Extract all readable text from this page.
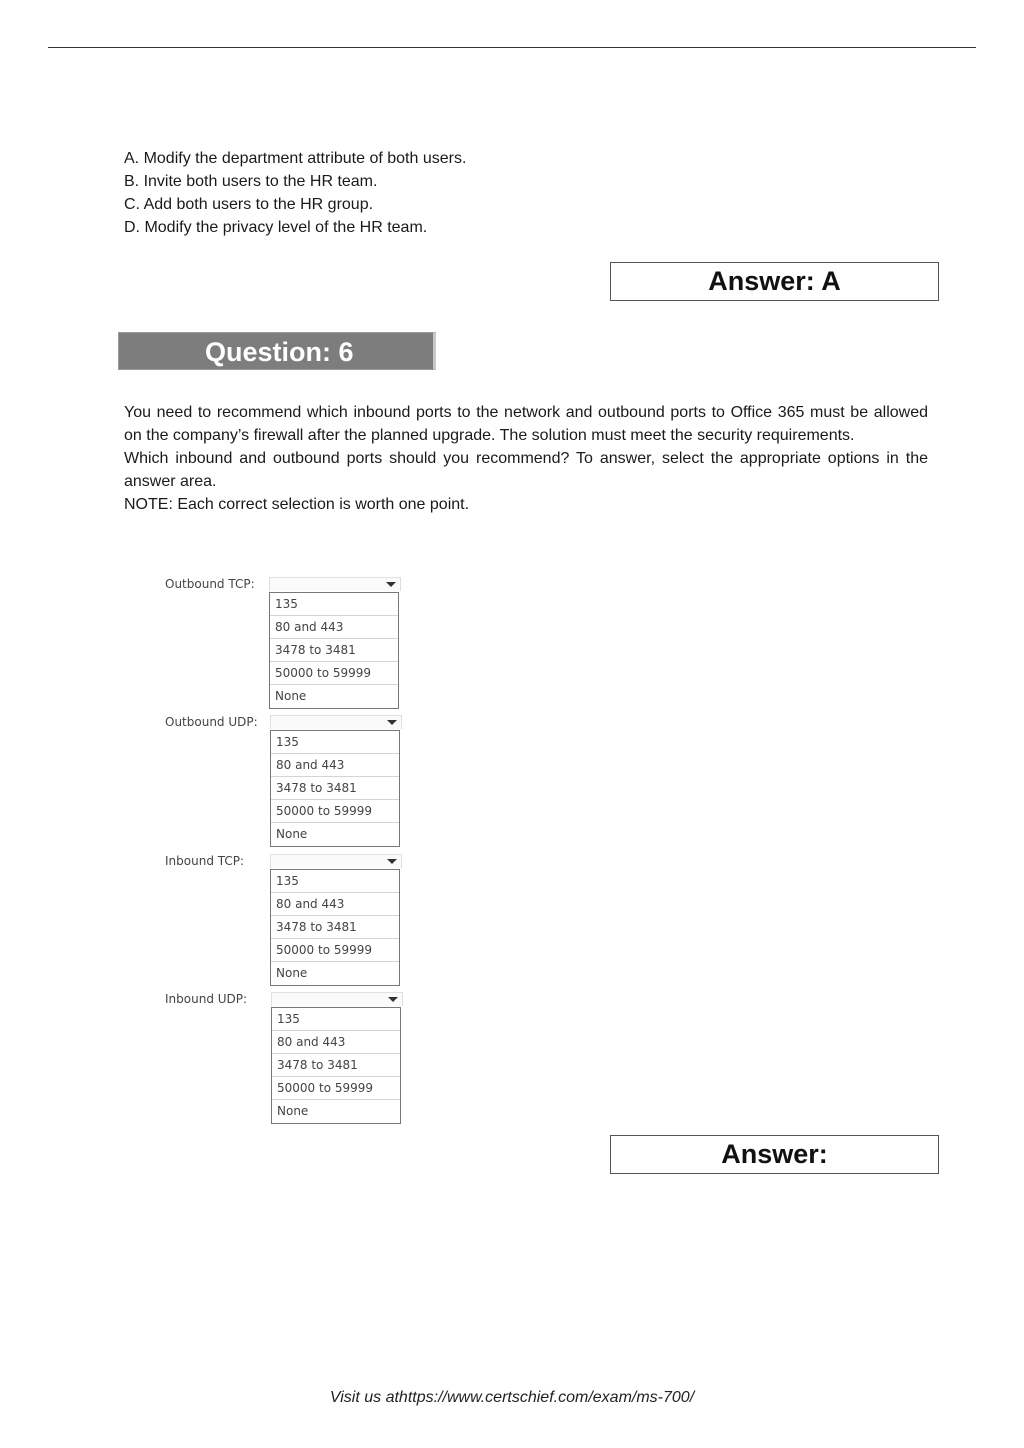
A. Modify the department attribute of both users.
B. Invite both users to the HR team.
C. Add both users to the HR group.
D. Modify the privacy level of the HR team.
Answer: A
Question: 6

You need to recommend which inbound ports to the network and outbound ports to Office 365 must be allowed on the company’s firewall after the planned upgrade. The solution must meet the security requirements.

Which inbound and outbound ports should you recommend? To answer, select the appropriate options in the answer area.

NOTE: Each correct selection is worth one point.

Outbound TCP:
135
80 and 443
3478 to 3481
50000 to 59999
None
Outbound UDP:
135
80 and 443
3478 to 3481
50000 to 59999
None
Inbound TCP:
135
80 and 443
3478 to 3481
50000 to 59999
None
Inbound UDP:
135
80 and 443
3478 to 3481
50000 to 59999
None
Answer:
Visit us athttps://www.certschief.com/exam/ms-700/
